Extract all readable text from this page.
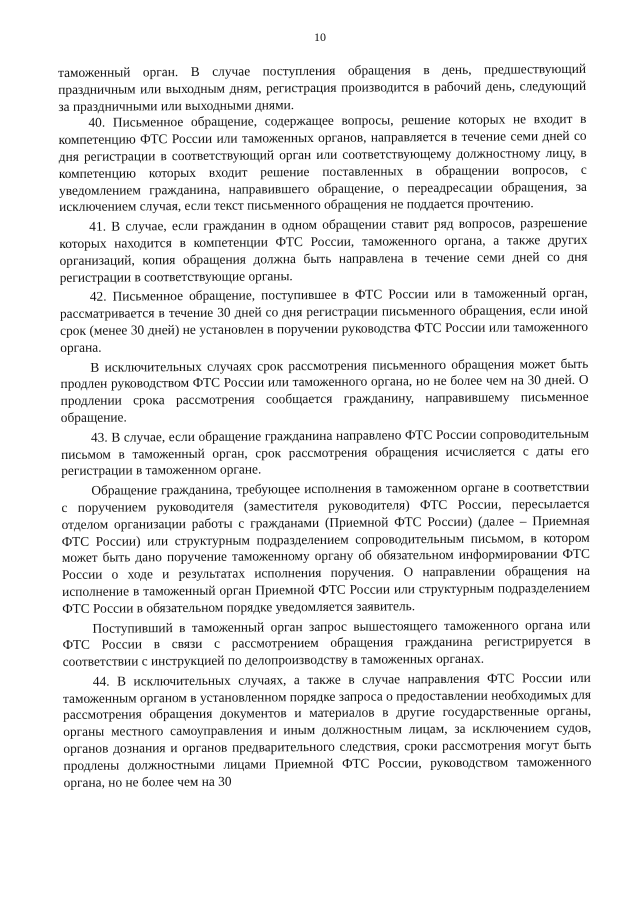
10

таможенный орган. В случае поступления обращения в день, предшествующий праздничным или выходным дням, регистрация производится в рабочий день, следующий за праздничными или выходными днями.

40. Письменное обращение, содержащее вопросы, решение которых не входит в компетенцию ФТС России или таможенных органов, направляется в течение семи дней со дня регистрации в соответствующий орган или соответствующему должностному лицу, в компетенцию которых входит решение поставленных в обращении вопросов, с уведомлением гражданина, направившего обращение, о переадресации обращения, за исключением случая, если текст письменного обращения не поддается прочтению.

41. В случае, если гражданин в одном обращении ставит ряд вопросов, разрешение которых находится в компетенции ФТС России, таможенного органа, а также других организаций, копия обращения должна быть направлена в течение семи дней со дня регистрации в соответствующие органы.

42. Письменное обращение, поступившее в ФТС России или в таможенный орган, рассматривается в течение 30 дней со дня регистрации письменного обращения, если иной срок (менее 30 дней) не установлен в поручении руководства ФТС России или таможенного органа.

В исключительных случаях срок рассмотрения письменного обращения может быть продлен руководством ФТС России или таможенного органа, но не более чем на 30 дней. О продлении срока рассмотрения сообщается гражданину, направившему письменное обращение.

43. В случае, если обращение гражданина направлено ФТС России сопроводительным письмом в таможенный орган, срок рассмотрения обращения исчисляется с даты его регистрации в таможенном органе.

Обращение гражданина, требующее исполнения в таможенном органе в соответствии с поручением руководителя (заместителя руководителя) ФТС России, пересылается отделом организации работы с гражданами (Приемной ФТС России) (далее – Приемная ФТС России) или структурным подразделением сопроводительным письмом, в котором может быть дано поручение таможенному органу об обязательном информировании ФТС России о ходе и результатах исполнения поручения. О направлении обращения на исполнение в таможенный орган Приемной ФТС России или структурным подразделением ФТС России в обязательном порядке уведомляется заявитель.

Поступивший в таможенный орган запрос вышестоящего таможенного органа или ФТС России в связи с рассмотрением обращения гражданина регистрируется в соответствии с инструкцией по делопроизводству в таможенных органах.

44. В исключительных случаях, а также в случае направления ФТС России или таможенным органом в установленном порядке запроса о предоставлении необходимых для рассмотрения обращения документов и материалов в другие государственные органы, органы местного самоуправления и иным должностным лицам, за исключением судов, органов дознания и органов предварительного следствия, сроки рассмотрения могут быть продлены должностными лицами Приемной ФТС России, руководством таможенного органа, но не более чем на 30
